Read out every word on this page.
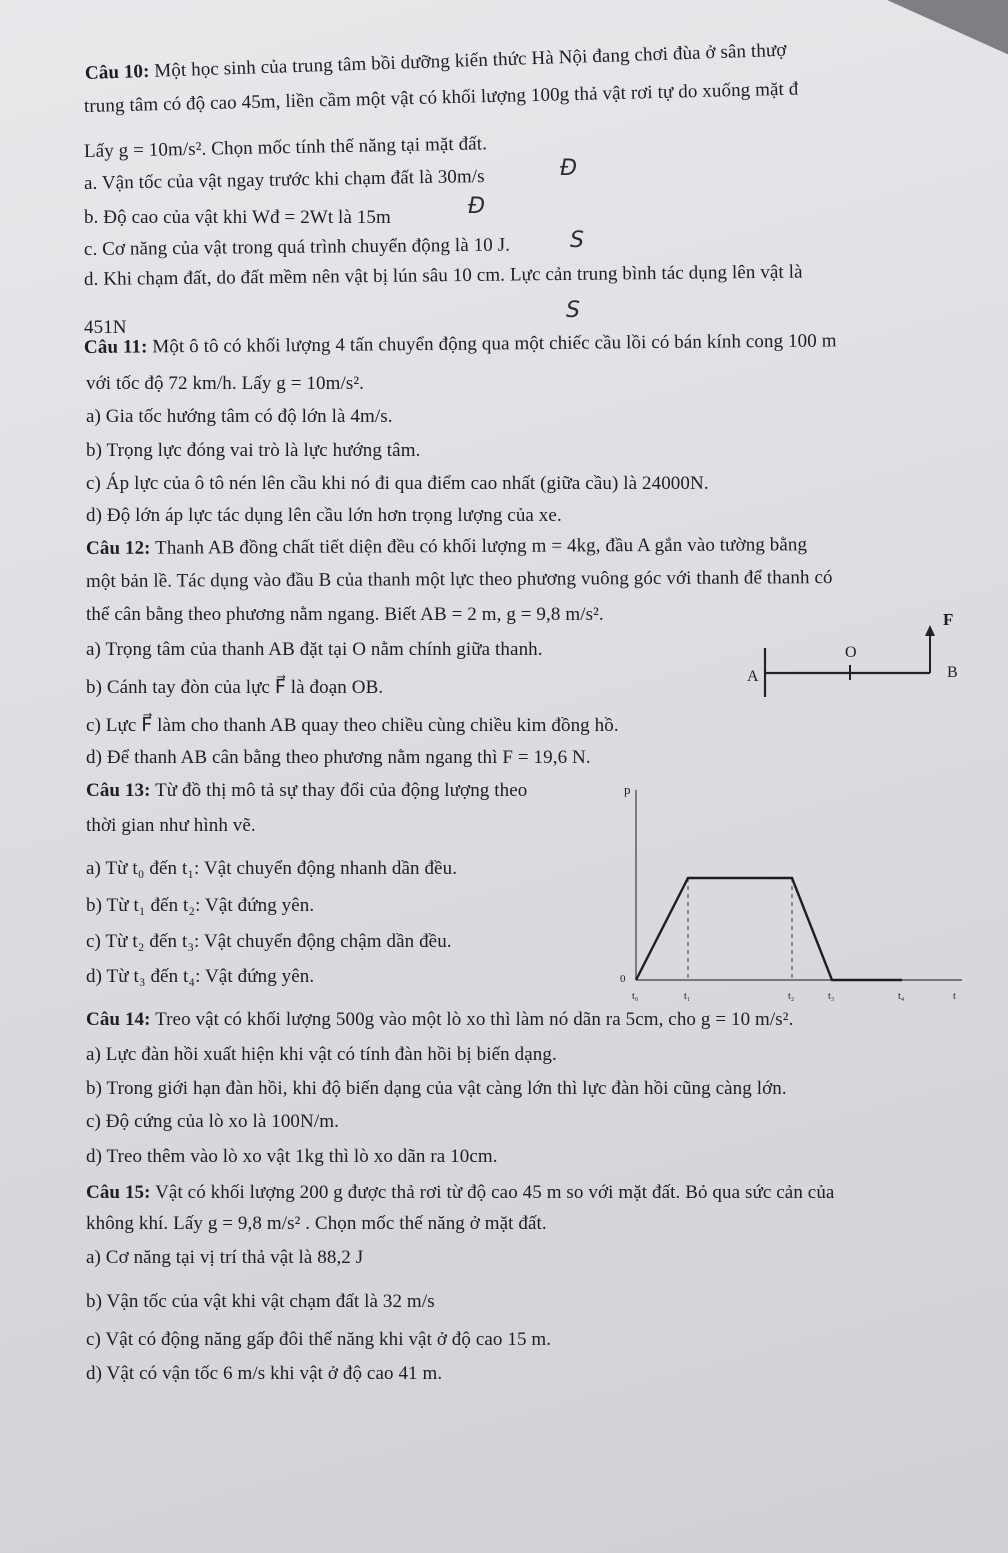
Câu 10: Một học sinh của trung tâm bồi dưỡng kiến thức Hà Nội đang chơi đùa ở sân thượ
trung tâm có độ cao 45m, liền cầm một vật có khối lượng 100g thả vật rơi tự do xuống mặt đ
Lấy g = 10m/s². Chọn mốc tính thế năng tại mặt đất.
a. Vận tốc của vật ngay trước khi chạm đất là 30m/s	Đ
b. Độ cao của vật khi Wđ = 2Wt là 15m	Đ
c. Cơ năng của vật trong quá trình chuyển động là 10 J.	S
d. Khi chạm đất, do đất mềm nên vật bị lún sâu 10 cm. Lực cản trung bình tác dụng lên vật là
451N
S
Câu 11: Một ô tô có khối lượng 4 tấn chuyển động qua một chiếc cầu lồi có bán kính cong 100 m
với tốc độ 72 km/h. Lấy g = 10m/s².
a) Gia tốc hướng tâm có độ lớn là 4m/s.
b) Trọng lực đóng vai trò là lực hướng tâm.
c) Áp lực của ô tô nén lên cầu khi nó đi qua điểm cao nhất (giữa cầu) là 24000N.
d) Độ lớn áp lực tác dụng lên cầu lớn hơn trọng lượng của xe.
Câu 12: Thanh AB đồng chất tiết diện đều có khối lượng m = 4kg, đầu A gắn vào tường bằng
một bản lề. Tác dụng vào đầu B của thanh một lực theo phương vuông góc với thanh để thanh có
thể cân bằng theo phương nằm ngang. Biết AB = 2 m, g = 9,8 m/s².
a) Trọng tâm của thanh AB đặt tại O nằm chính giữa thanh.
b) Cánh tay đòn của lực F⃗ là đoạn OB.
c) Lực F⃗ làm cho thanh AB quay theo chiều cùng chiều kim đồng hồ.
d) Để thanh AB cân bằng theo phương nằm ngang thì F = 19,6 N.
A
O
B
F⃗
Câu 13: Từ đồ thị mô tả sự thay đổi của động lượng theo
thời gian như hình vẽ.
a) Từ t₀ đến t₁: Vật chuyển động nhanh dần đều.
b) Từ t₁ đến t₂: Vật đứng yên.
c) Từ t₂ đến t₃: Vật chuyển động chậm dần đều.
d) Từ t₃ đến t₄: Vật đứng yên.
p
0
t₀	t₁	t₂	t₃	t₄	t
Câu 14: Treo vật có khối lượng 500g vào một lò xo thì làm nó dãn ra 5cm, cho g = 10 m/s².
a) Lực đàn hồi xuất hiện khi vật có tính đàn hồi bị biến dạng.
b) Trong giới hạn đàn hồi, khi độ biến dạng của vật càng lớn thì lực đàn hồi cũng càng lớn.
c) Độ cứng của lò xo là 100N/m.
d) Treo thêm vào lò xo vật 1kg thì lò xo dãn ra 10cm.
Câu 15: Vật có khối lượng 200 g được thả rơi từ độ cao 45 m so với mặt đất. Bỏ qua sức cản của
không khí. Lấy g = 9,8 m/s² . Chọn mốc thế năng ở mặt đất.
a) Cơ năng tại vị trí thả vật là 88,2 J
b) Vận tốc của vật khi vật chạm đất là 32 m/s
c) Vật có động năng gấp đôi thế năng khi vật ở độ cao 15 m.
d) Vật có vận tốc 6 m/s khi vật ở độ cao 41 m.
